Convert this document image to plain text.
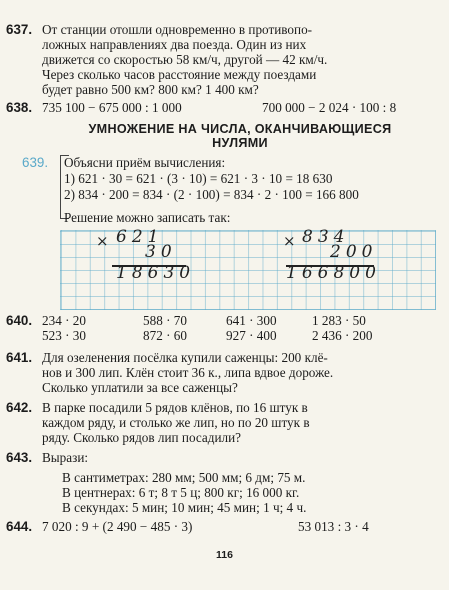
637. От станции отошли одновременно в противопо-
ложных направлениях два поезда. Один из них
движется со скоростью 58 км/ч, другой — 42 км/ч.
Через сколько часов расстояние между поездами
будет равно 500 км? 800 км? 1 400 км?
638. 735 100 − 675 000 : 1 000	700 000 − 2 024 · 100 : 8
УМНОЖЕНИЕ НА ЧИСЛА, ОКАНЧИВАЮЩИЕСЯ
НУЛЯМИ
639. Объясни приём вычисления:
1) 621 · 30 = 621 · (3 · 10) = 621 · 3 · 10 = 18 630
2) 834 · 200 = 834 · (2 · 100) = 834 · 2 · 100 = 166 800
Решение можно записать так:
× 621
30
18630
× 834
200
166800
640. 234 · 20	588 · 70	641 · 300	1 283 · 50
523 · 30	872 · 60	927 · 400	2 436 · 200
641. Для озеленения посёлка купили саженцы: 200 клё-
нов и 300 лип. Клён стоит 36 к., липа вдвое дороже.
Сколько уплатили за все саженцы?
642. В парке посадили 5 рядов клёнов, по 16 штук в
каждом ряду, и столько же лип, но по 20 штук в
ряду. Сколько рядов лип посадили?
643. Вырази:
В сантиметрах: 280 мм; 500 мм; 6 дм; 75 м.
В центнерах: 6 т; 8 т 5 ц; 800 кг; 16 000 кг.
В секундах: 5 мин; 10 мин; 45 мин; 1 ч; 4 ч.
644. 7 020 : 9 + (2 490 − 485 · 3)	53 013 : 3 · 4
116
